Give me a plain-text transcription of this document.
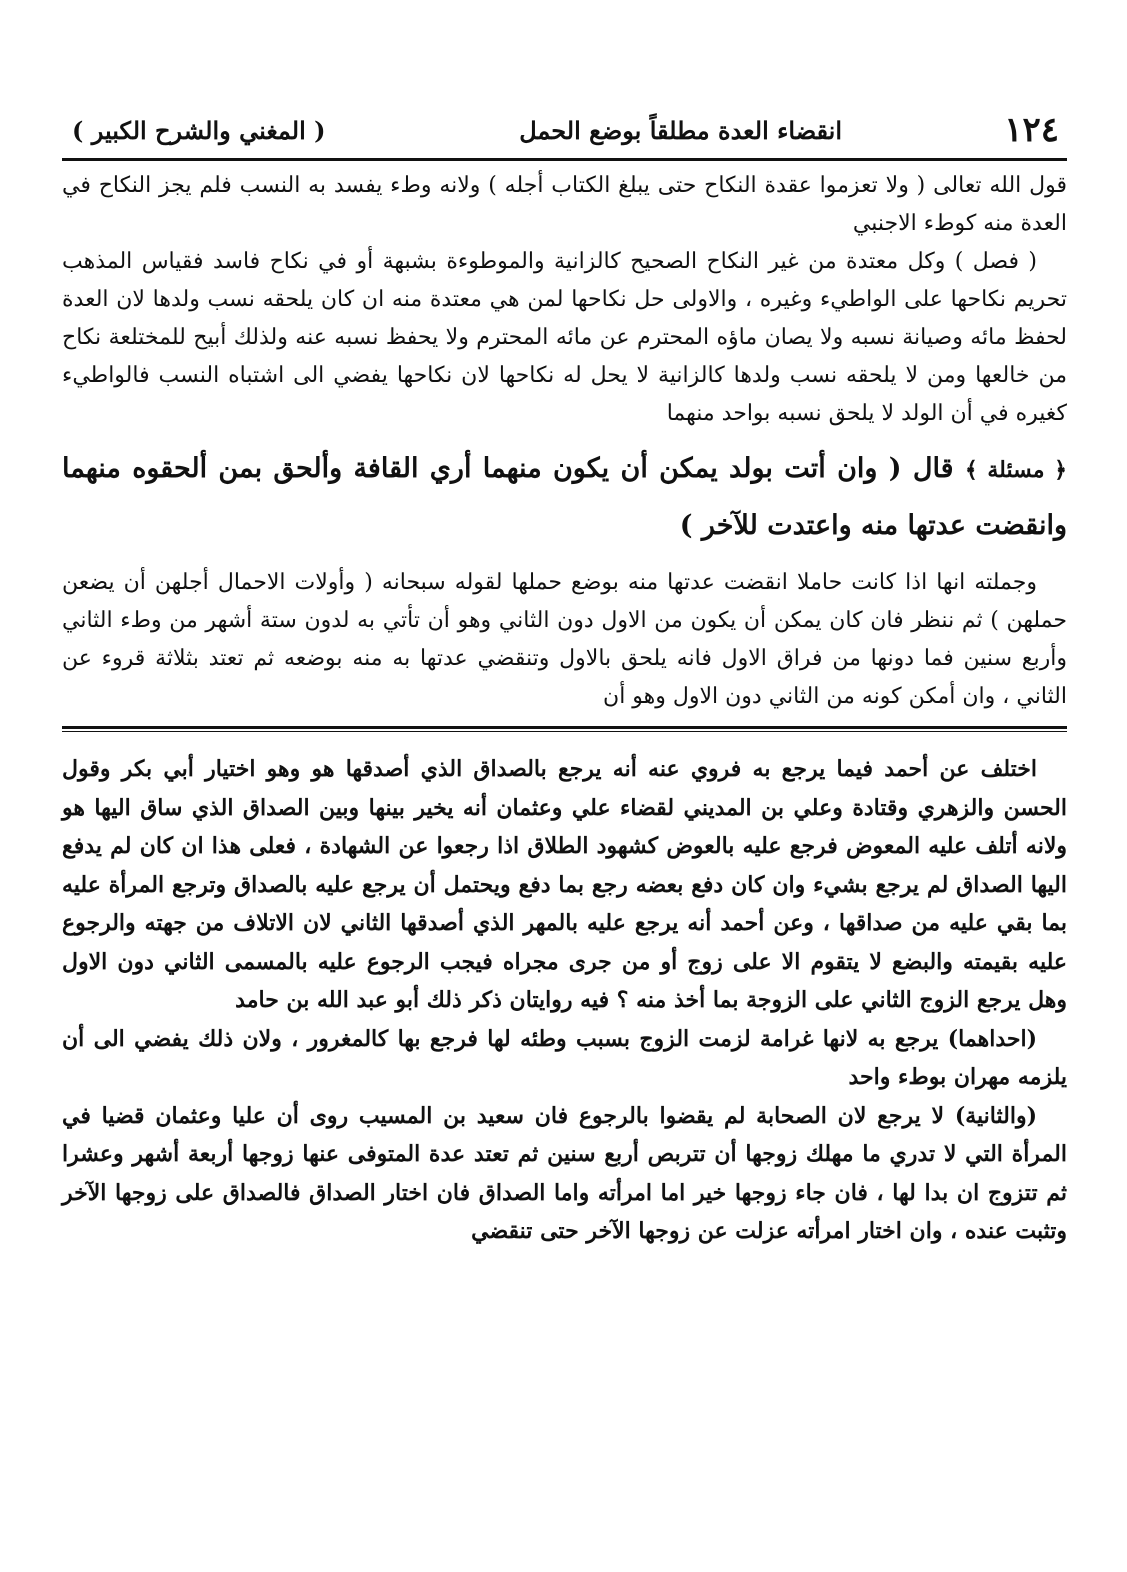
١٢٤
انقضاء العدة مطلقاً بوضع الحمل
( المغني والشرح الكبير )

قول الله تعالى ( ولا تعزموا عقدة النكاح حتى يبلغ الكتاب أجله ) ولانه وطء يفسد به النسب فلم يجز النكاح في العدة منه كوطء الاجنبي

( فصل ) وكل معتدة من غير النكاح الصحيح كالزانية والموطوءة بشبهة أو في نكاح فاسد فقياس المذهب تحريم نكاحها على الواطيء وغيره ، والاولى حل نكاحها لمن هي معتدة منه ان كان يلحقه نسب ولدها لان العدة لحفظ مائه وصيانة نسبه ولا يصان ماؤه المحترم عن مائه المحترم ولا يحفظ نسبه عنه ولذلك أبيح للمختلعة نكاح من خالعها ومن لا يلحقه نسب ولدها كالزانية لا يحل له نكاحها لان نكاحها يفضي الى اشتباه النسب فالواطيء كغيره في أن الولد لا يلحق نسبه بواحد منهما

﴿ مسئلة ﴾ قال ( وان أتت بولد يمكن أن يكون منهما أري القافة وألحق بمن ألحقوه منهما وانقضت عدتها منه واعتدت للآخر )

وجملته انها اذا كانت حاملا انقضت عدتها منه بوضع حملها لقوله سبحانه ( وأولات الاحمال أجلهن أن يضعن حملهن ) ثم ننظر فان كان يمكن أن يكون من الاول دون الثاني وهو أن تأتي به لدون ستة أشهر من وطء الثاني وأربع سنين فما دونها من فراق الاول فانه يلحق بالاول وتنقضي عدتها به منه بوضعه ثم تعتد بثلاثة قروء عن الثاني ، وان أمكن كونه من الثاني دون الاول وهو أن

اختلف عن أحمد فيما يرجع به فروي عنه أنه يرجع بالصداق الذي أصدقها هو وهو اختيار أبي بكر وقول الحسن والزهري وقتادة وعلي بن المديني لقضاء علي وعثمان أنه يخير بينها وبين الصداق الذي ساق اليها هو ولانه أتلف عليه المعوض فرجع عليه بالعوض كشهود الطلاق اذا رجعوا عن الشهادة ، فعلى هذا ان كان لم يدفع اليها الصداق لم يرجع بشيء وان كان دفع بعضه رجع بما دفع ويحتمل أن يرجع عليه بالصداق وترجع المرأة عليه بما بقي عليه من صداقها ، وعن أحمد أنه يرجع عليه بالمهر الذي أصدقها الثاني لان الاتلاف من جهته والرجوع عليه بقيمته والبضع لا يتقوم الا على زوج أو من جرى مجراه فيجب الرجوع عليه بالمسمى الثاني دون الاول وهل يرجع الزوج الثاني على الزوجة بما أخذ منه ؟ فيه روايتان ذكر ذلك أبو عبد الله بن حامد

(احداهما) يرجع به لانها غرامة لزمت الزوج بسبب وطئه لها فرجع بها كالمغرور ، ولان ذلك يفضي الى أن يلزمه مهران بوطء واحد

(والثانية) لا يرجع لان الصحابة لم يقضوا بالرجوع فان سعيد بن المسيب روى أن عليا وعثمان قضيا في المرأة التي لا تدري ما مهلك زوجها أن تتربص أربع سنين ثم تعتد عدة المتوفى عنها زوجها أربعة أشهر وعشرا ثم تتزوج ان بدا لها ، فان جاء زوجها خير اما امرأته واما الصداق فان اختار الصداق فالصداق على زوجها الآخر وتثبت عنده ، وان اختار امرأته عزلت عن زوجها الآخر حتى تنقضي
